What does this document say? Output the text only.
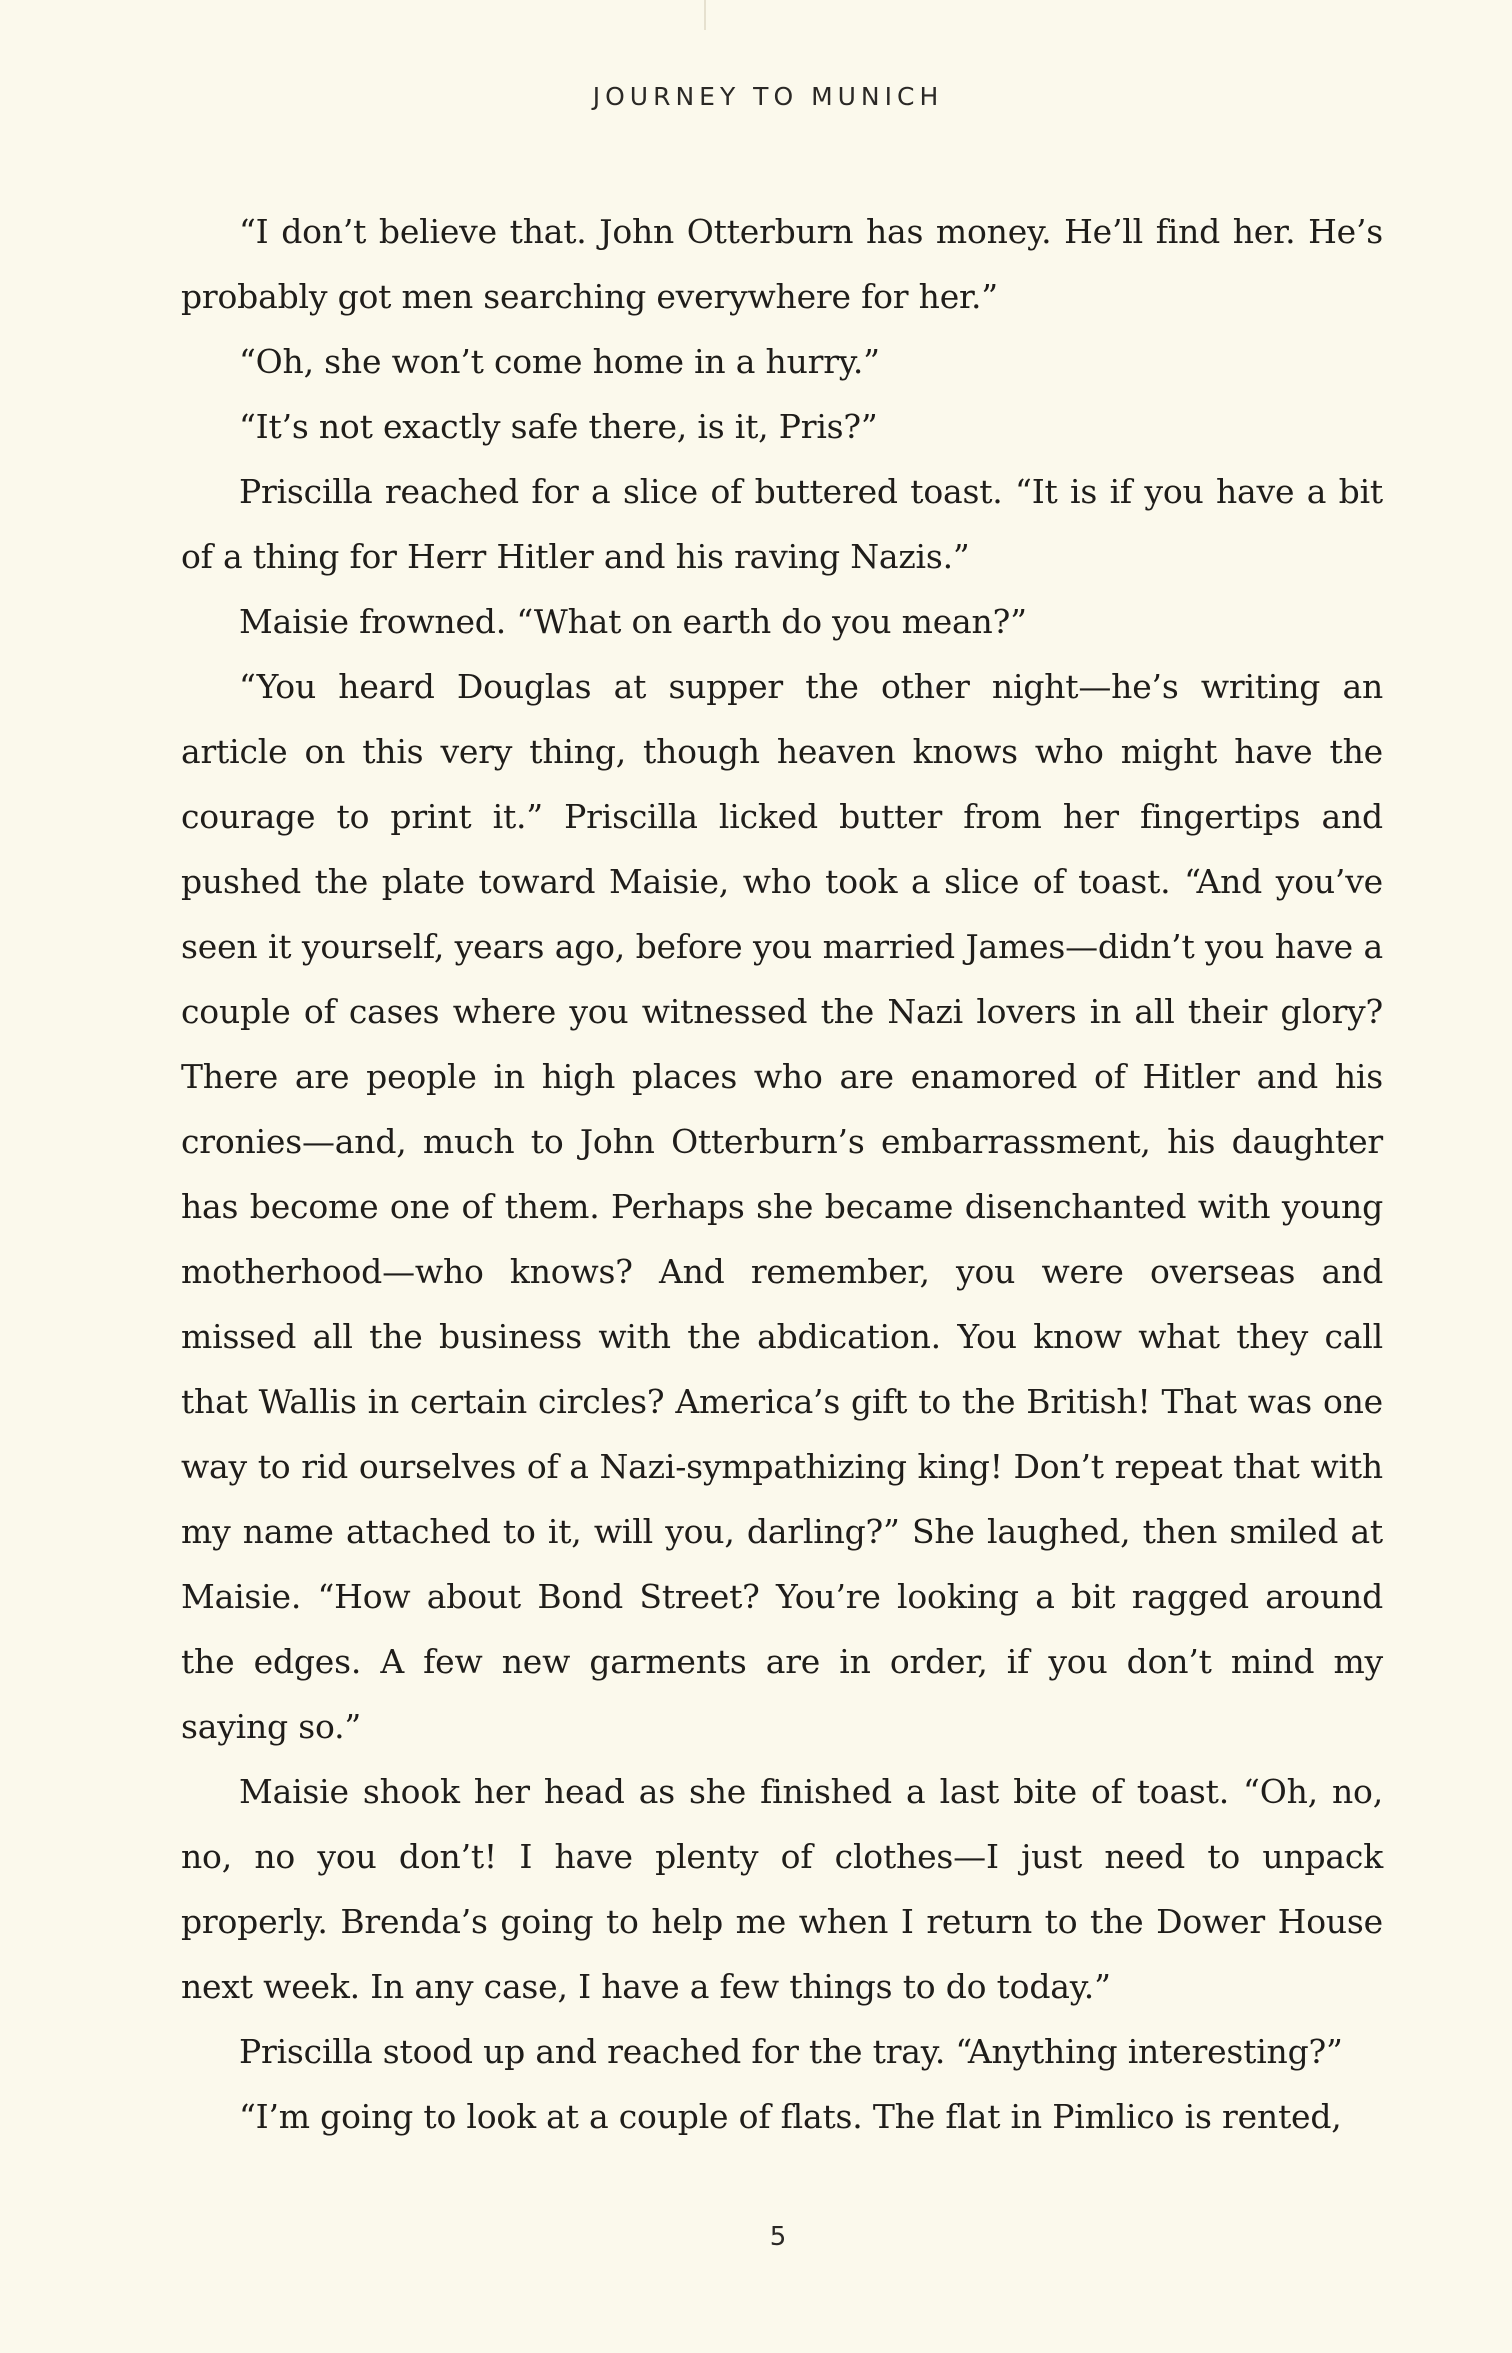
JOURNEY TO MUNICH

“I don’t believe that. John Otterburn has money. He’ll find her. He’s probably got men searching everywhere for her.”

“Oh, she won’t come home in a hurry.”

“It’s not exactly safe there, is it, Pris?”

Priscilla reached for a slice of buttered toast. “It is if you have a bit of a thing for Herr Hitler and his raving Nazis.”

Maisie frowned. “What on earth do you mean?”

“You heard Douglas at supper the other night—he’s writing an article on this very thing, though heaven knows who might have the courage to print it.” Priscilla licked butter from her fingertips and pushed the plate toward Maisie, who took a slice of toast. “And you’ve seen it yourself, years ago, before you married James—didn’t you have a couple of cases where you witnessed the Nazi lovers in all their glory? There are people in high places who are enamored of Hitler and his cronies—and, much to John Otterburn’s embarrassment, his daughter has become one of them. Perhaps she became disenchanted with young motherhood—who knows? And remember, you were overseas and missed all the business with the abdication. You know what they call that Wallis in certain circles? America’s gift to the British! That was one way to rid ourselves of a Nazi-sympathizing king! Don’t repeat that with my name attached to it, will you, darling?” She laughed, then smiled at Maisie. “How about Bond Street? You’re looking a bit ragged around the edges. A few new garments are in order, if you don’t mind my saying so.”

Maisie shook her head as she finished a last bite of toast. “Oh, no, no, no you don’t! I have plenty of clothes—I just need to unpack properly. Brenda’s going to help me when I return to the Dower House next week. In any case, I have a few things to do today.”

Priscilla stood up and reached for the tray. “Anything interesting?”

“I’m going to look at a couple of flats. The flat in Pimlico is rented,

5
